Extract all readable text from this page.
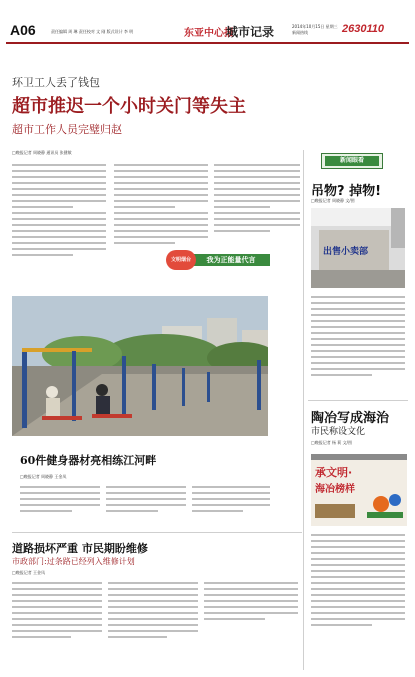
A06	责任编辑 周 琳 责任校对 文 刚 版式设计 李 明	东亚中心报
城市记录	2014年10月15日 星期三
新闻热线	2630110
环卫工人丢了钱包
超市推迟一个小时关门等失主
超市工作人员完璧归赵
□晚报记者 周晓静 通讯员 张健敏
我为正能量代言
文明烟台
60件健身器材亮相练江河畔
□晚报记者 周晓静 王金凤
道路损坏严重 市民期盼维修
市政部门:过条路已经列入维修计划
□晚报记者 王金凤
新闻眼看
吊物? 掉物!
□晚报记者 周晓静 文/图
出售小卖部
陶冶写成海治
市民称设文化
□晚报记者 杨 莉 文/图
承文明·
海冶榜样
